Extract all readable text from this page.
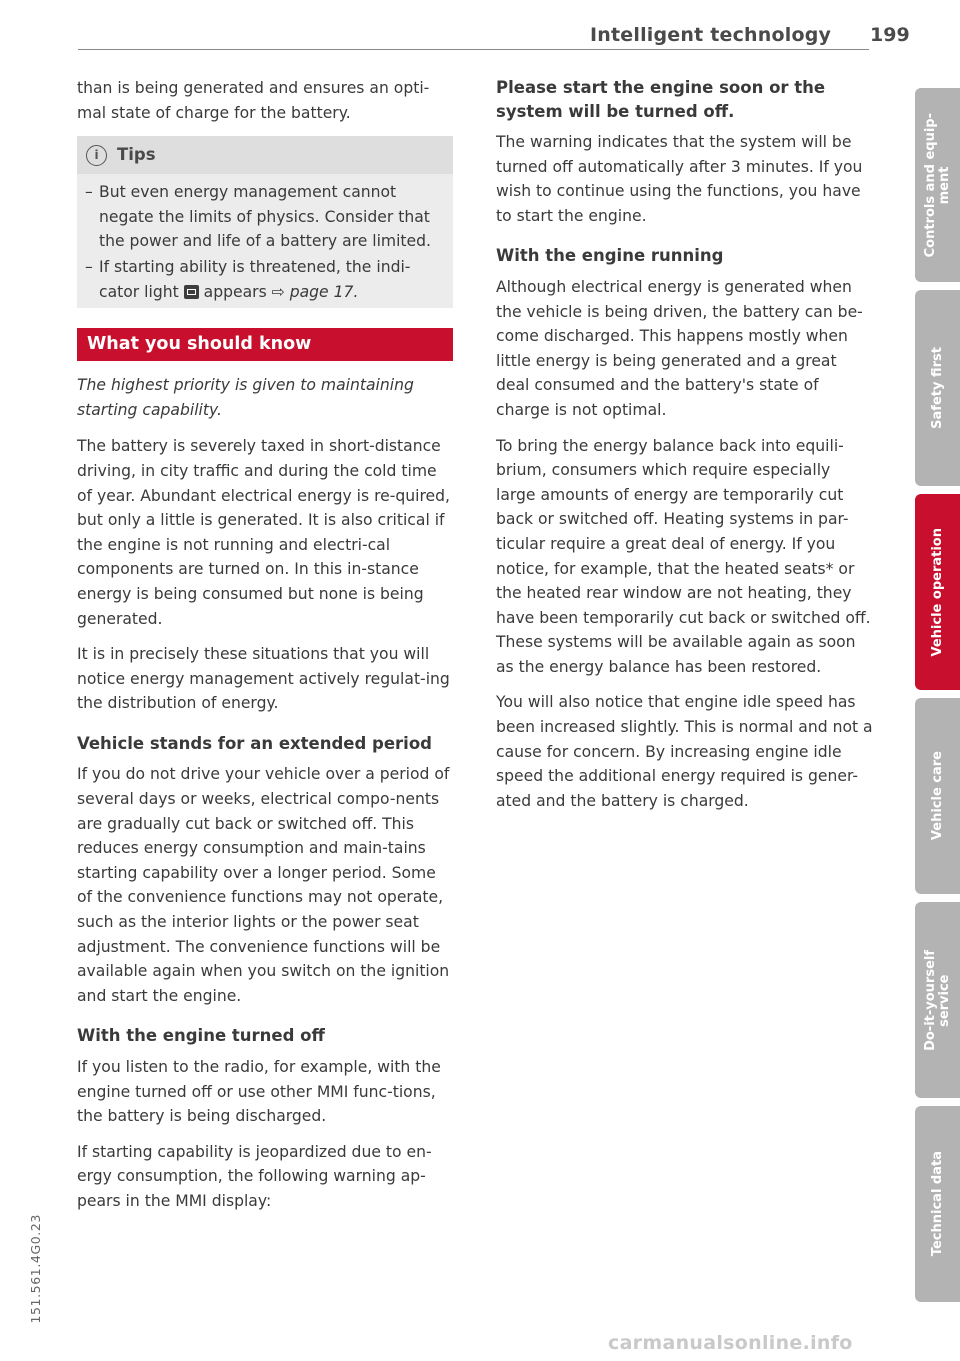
Intelligent technology 199

than is being generated and ensures an opti-mal state of charge for the battery.

i	Tips
– But even energy management cannot negate the limits of physics. Consider that the power and life of a battery are limited.
– If starting ability is threatened, the indi-cator light appears ⇨ page 17.
What you should know

The highest priority is given to maintaining starting capability.

The battery is severely taxed in short-distance driving, in city traffic and during the cold time of year. Abundant electrical energy is re-quired, but only a little is generated. It is also critical if the engine is not running and electri-cal components are turned on. In this in-stance energy is being consumed but none is being generated.

It is in precisely these situations that you will notice energy management actively regulat-ing the distribution of energy.

Vehicle stands for an extended period

If you do not drive your vehicle over a period of several days or weeks, electrical compo-nents are gradually cut back or switched off. This reduces energy consumption and main-tains starting capability over a longer period. Some of the convenience functions may not operate, such as the interior lights or the power seat adjustment. The convenience functions will be available again when you switch on the ignition and start the engine.

With the engine turned off

If you listen to the radio, for example, with the engine turned off or use other MMI func-tions, the battery is being discharged.

If starting capability is jeopardized due to en-ergy consumption, the following warning ap-pears in the MMI display:

Please start the engine soon or the system will be turned off.

The warning indicates that the system will be turned off automatically after 3 minutes. If you wish to continue using the functions, you have to start the engine.

With the engine running

Although electrical energy is generated when the vehicle is being driven, the battery can be-come discharged. This happens mostly when little energy is being generated and a great deal consumed and the battery's state of charge is not optimal.

To bring the energy balance back into equili-brium, consumers which require especially large amounts of energy are temporarily cut back or switched off. Heating systems in par-ticular require a great deal of energy. If you notice, for example, that the heated seats* or the heated rear window are not heating, they have been temporarily cut back or switched off. These systems will be available again as soon as the energy balance has been restored.

You will also notice that engine idle speed has been increased slightly. This is normal and not a cause for concern. By increasing engine idle speed the additional energy required is gener-ated and the battery is charged.

Controls and equip-
ment
Safety first
Vehicle operation
Vehicle care
Do-it-yourself
service
Technical data
151.561.4G0.23
carmanualsonline.info
